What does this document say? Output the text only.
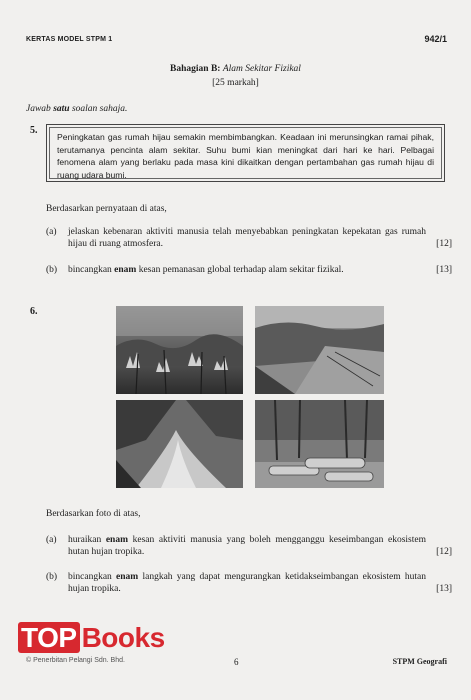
KERTAS MODEL STPM 1	942/1
Bahagian B: Alam Sekitar Fizikal
[25 markah]
Jawab satu soalan sahaja.
5.
Peningkatan gas rumah hijau semakin membimbangkan. Keadaan ini merunsingkan ramai pihak, terutamanya pencinta alam sekitar. Suhu bumi kian meningkat dari hari ke hari. Pelbagai fenomena alam yang berlaku pada masa kini dikaitkan dengan pertambahan gas rumah hijau di ruang udara bumi.
Berdasarkan pernyataan di atas,
(a) jelaskan kebenaran aktiviti manusia telah menyebabkan peningkatan kepekatan gas rumah hijau di ruang atmosfera.	[12]
(b) bincangkan enam kesan pemanasan global terhadap alam sekitar fizikal.	[13]
6.
Berdasarkan foto di atas,
(a) huraikan enam kesan aktiviti manusia yang boleh mengganggu keseimbangan ekosistem hutan hujan tropika.	[12]
(b) bincangkan enam langkah yang dapat mengurangkan ketidakseimbangan ekosistem hutan hujan tropika.	[13]
TOP Books
© Penerbitan Pelangi Sdn. Bhd.	6	STPM Geografi
